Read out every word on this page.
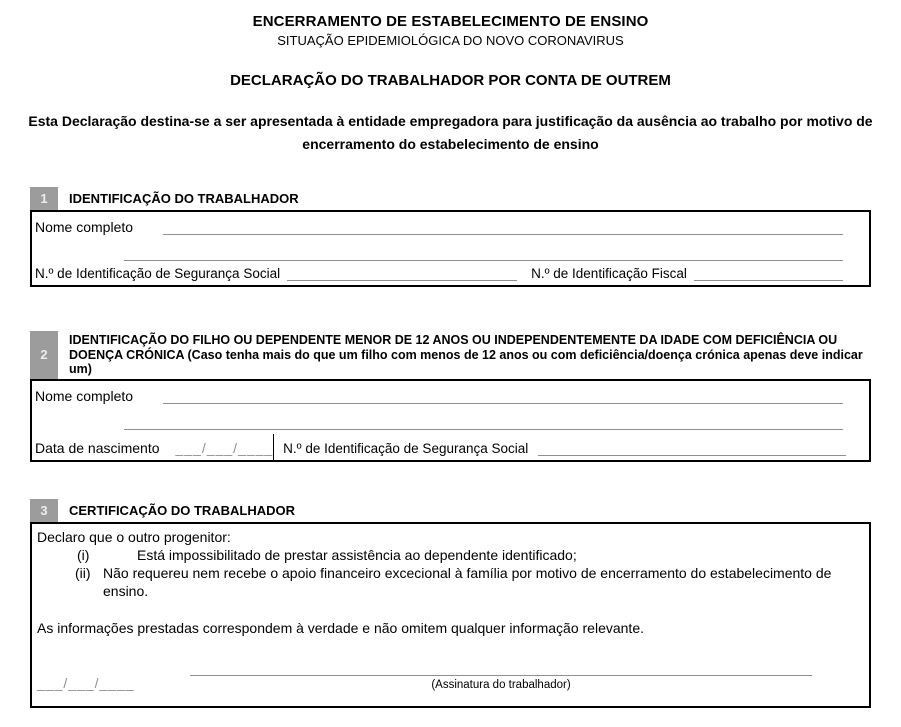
ENCERRAMENTO DE ESTABELECIMENTO DE ENSINO
SITUAÇÃO EPIDEMIOLÓGICA DO NOVO CORONAVIRUS
DECLARAÇÃO DO TRABALHADOR POR CONTA DE OUTREM

Esta Declaração destina-se a ser apresentada à entidade empregadora para justificação da ausência ao trabalho por motivo de encerramento do estabelecimento de ensino

1	IDENTIFICAÇÃO DO TRABALHADOR
Nome completo
N.º de Identificação de Segurança Social	N.º de Identificação Fiscal
2
IDENTIFICAÇÃO DO FILHO OU DEPENDENTE MENOR DE 12 ANOS OU INDEPENDENTEMENTE DA IDADE COM DEFICIÊNCIA OU DOENÇA CRÓNICA (Caso tenha mais do que um filho com menos de 12 anos ou com deficiência/doença crónica apenas deve indicar um)
Nome completo
Data de nascimento ___/___/____ N.º de Identificação de Segurança Social
3	CERTIFICAÇÃO DO TRABALHADOR
Declaro que o outro progenitor:
(i)	Está impossibilitado de prestar assistência ao dependente identificado;
(ii) Não requereu nem recebe o apoio financeiro excecional à família por motivo de encerramento do estabelecimento de ensino.
As informações prestadas correspondem à verdade e não omitem qualquer informação relevante.
___/___/____	(Assinatura do trabalhador)
